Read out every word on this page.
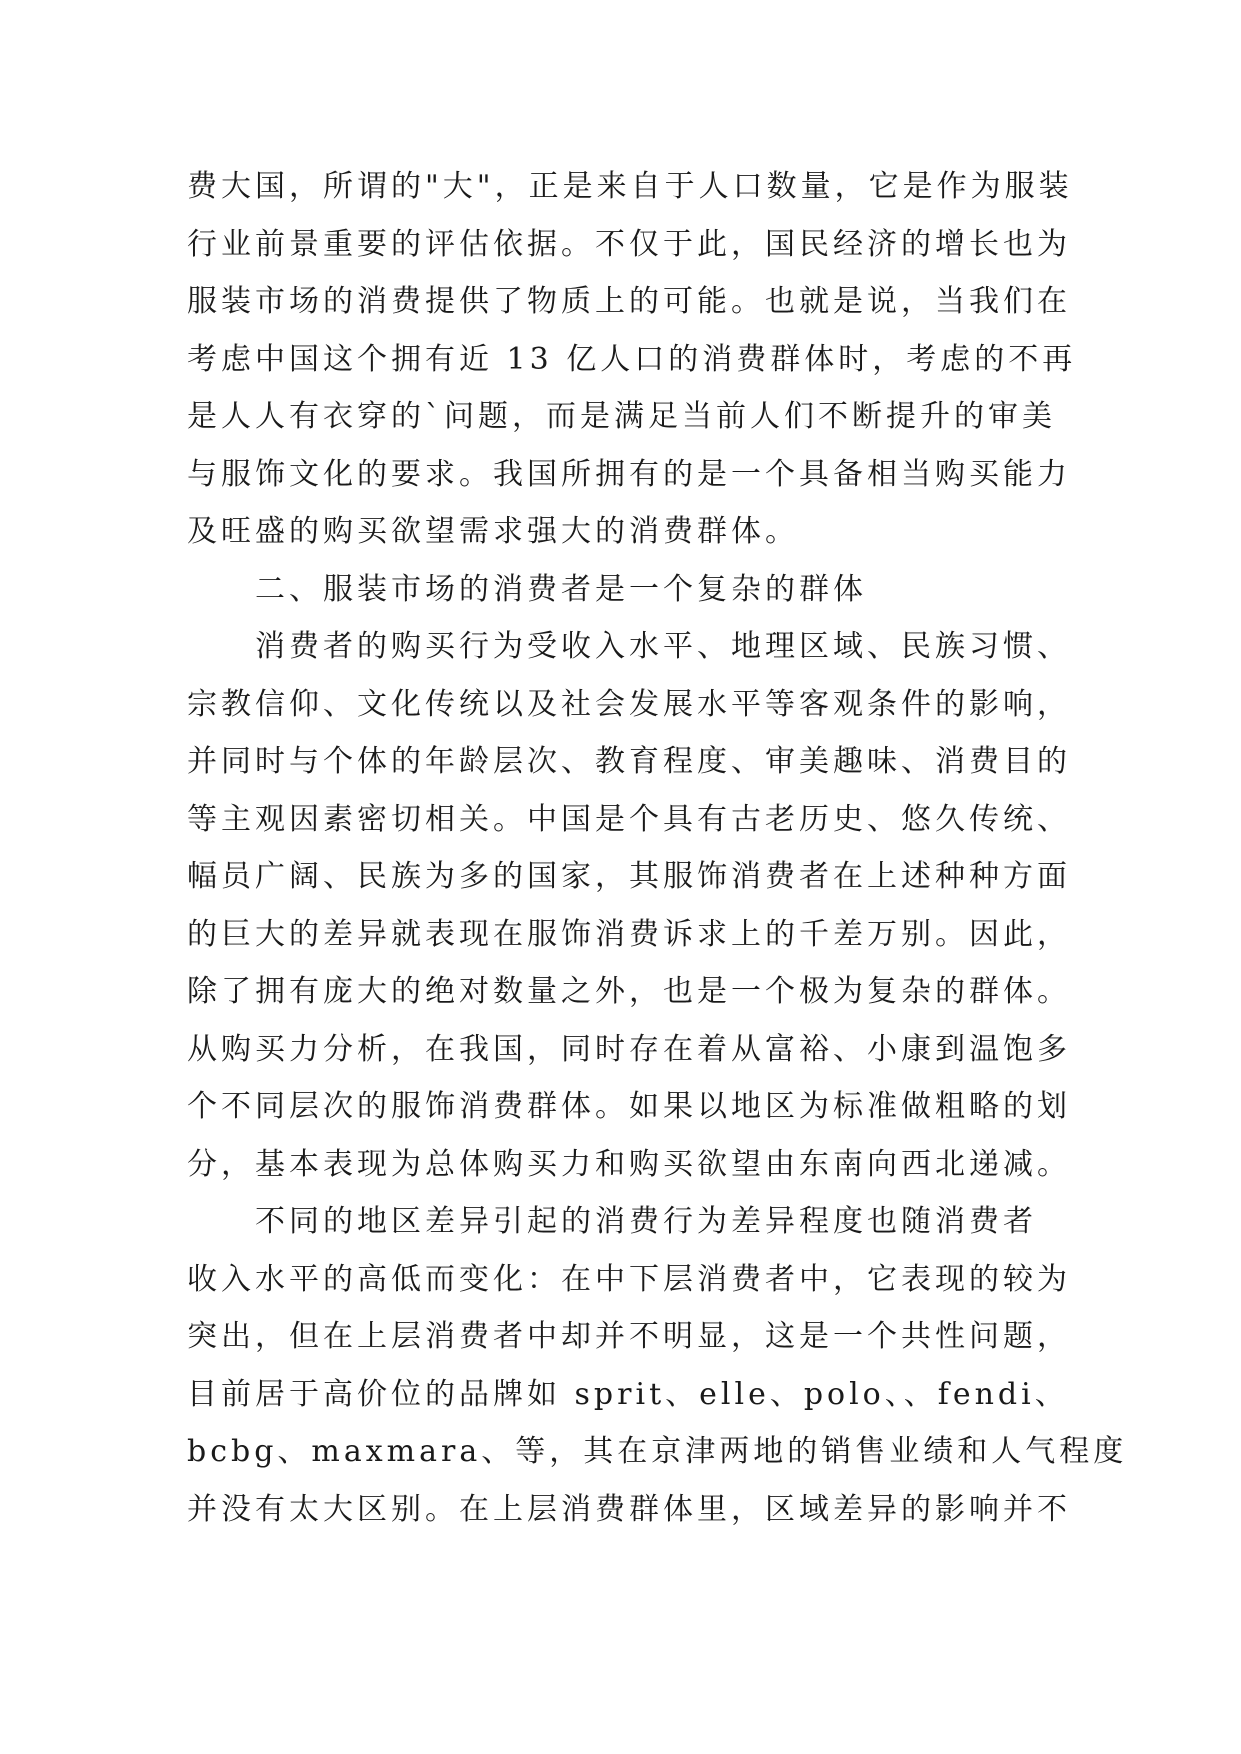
费大国，所谓的"大"，正是来自于人口数量，它是作为服装
行业前景重要的评估依据。不仅于此，国民经济的增长也为
服装市场的消费提供了物质上的可能。也就是说，当我们在
考虑中国这个拥有近 13 亿人口的消费群体时，考虑的不再
是人人有衣穿的`问题，而是满足当前人们不断提升的审美
与服饰文化的要求。我国所拥有的是一个具备相当购买能力
及旺盛的购买欲望需求强大的消费群体。
二、服装市场的消费者是一个复杂的群体
消费者的购买行为受收入水平、地理区域、民族习惯、
宗教信仰、文化传统以及社会发展水平等客观条件的影响，
并同时与个体的年龄层次、教育程度、审美趣味、消费目的
等主观因素密切相关。中国是个具有古老历史、悠久传统、
幅员广阔、民族为多的国家，其服饰消费者在上述种种方面
的巨大的差异就表现在服饰消费诉求上的千差万别。因此，
除了拥有庞大的绝对数量之外，也是一个极为复杂的群体。
从购买力分析，在我国，同时存在着从富裕、小康到温饱多
个不同层次的服饰消费群体。如果以地区为标准做粗略的划
分，基本表现为总体购买力和购买欲望由东南向西北递减。
不同的地区差异引起的消费行为差异程度也随消费者
收入水平的高低而变化：在中下层消费者中，它表现的较为
突出，但在上层消费者中却并不明显，这是一个共性问题，
目前居于高价位的品牌如 sprit、elle、polo、、fendi、
bcbg、maxmara、等，其在京津两地的销售业绩和人气程度
并没有太大区别。在上层消费群体里，区域差异的影响并不
